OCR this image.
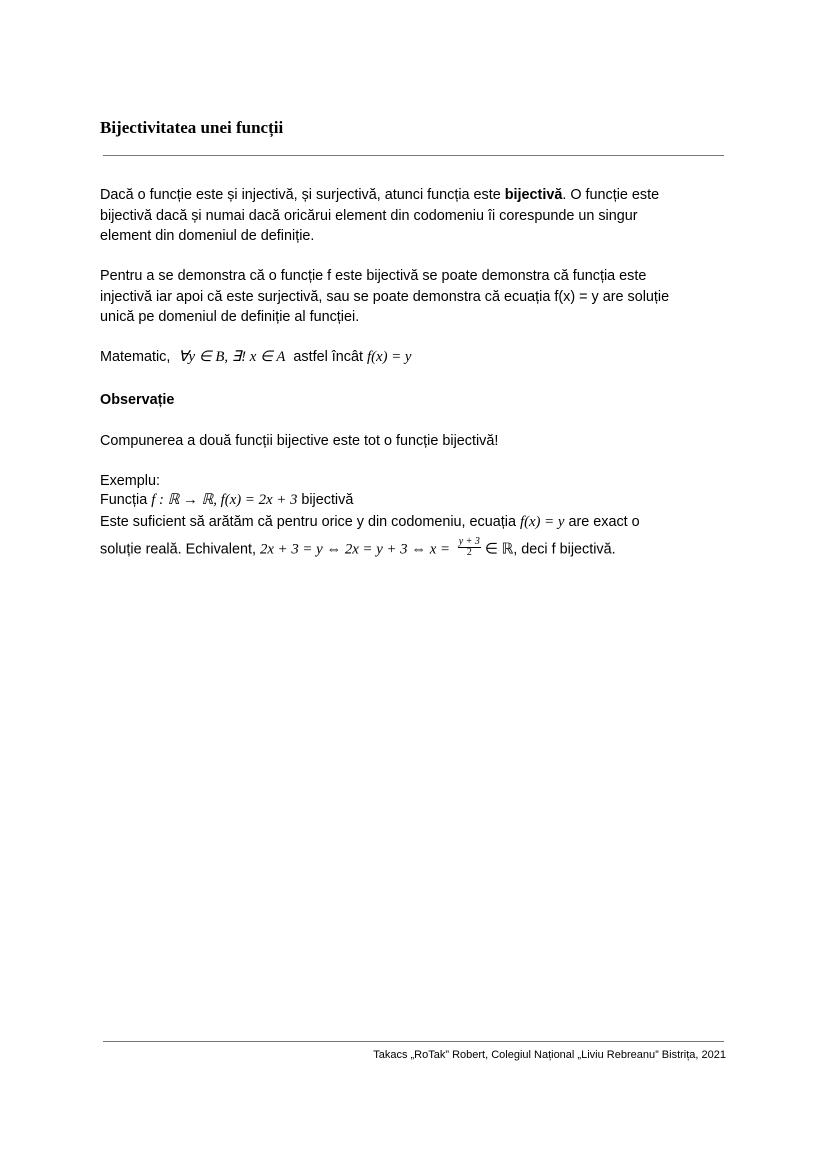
Bijectivitatea unei funcții

Dacă o funcție este și injectivă, și surjectivă, atunci funcția este bijectivă. O funcție este

bijectivă dacă și numai dacă oricărui element din codomeniu îi corespunde un singur

element din domeniul de definiție.

Pentru a se demonstra că o funcție f este bijectivă se poate demonstra că funcția este

injectivă iar apoi că este surjectivă, sau se poate demonstra că ecuația f(x) = y are soluție

unică pe domeniul de definiție al funcției.

Matematic, ∀y ∈ B, ∃! x ∈ A astfel încât f(x) = y

Observație

Compunerea a două funcții bijective este tot o funcție bijectivă!

Exemplu:

Funcția f : ℝ → ℝ, f(x) = 2x + 3 bijectivă

Este suficient să arătăm că pentru orice y din codomeniu, ecuația f(x) = y are exact o

soluție reală. Echivalent, 2x + 3 = y ⇔ 2x = y + 3 ⇔ $x = \frac{y + 3}{2}$ ∈ ℝ, deci f bijectivă.

Takacs „RoTak” Robert, Colegiul Național „Liviu Rebreanu” Bistrița, 2021
